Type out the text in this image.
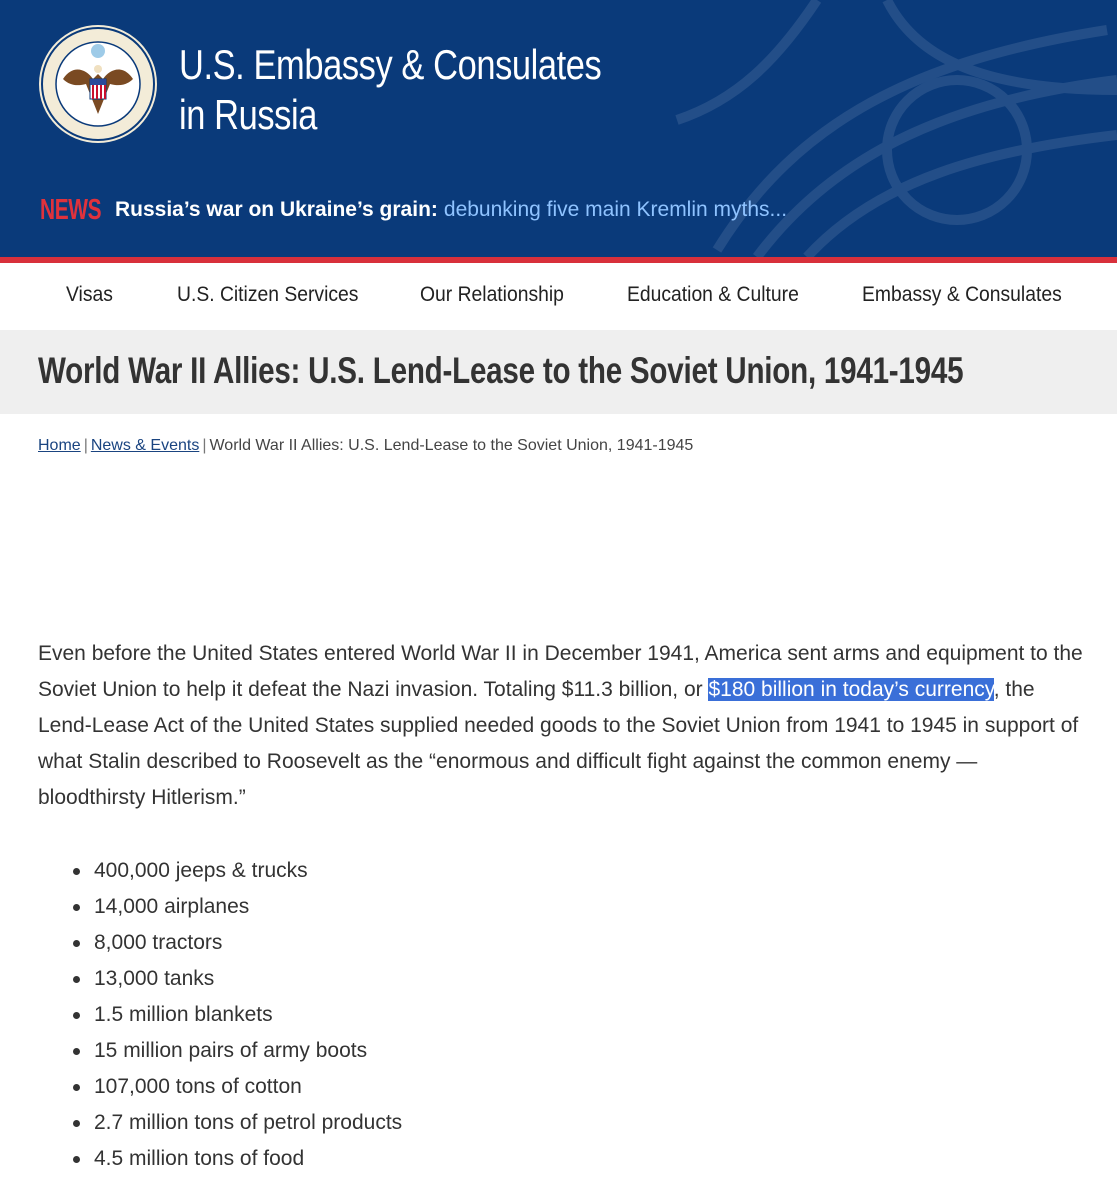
U.S. Embassy & Consulates
in Russia
NEWS Russia’s war on Ukraine’s grain: debunking five main Kremlin myths...
Visas	U.S. Citizen Services	Our Relationship	Education & Culture	Embassy & Consulates
World War II Allies: U.S. Lend-Lease to the Soviet Union, 1941-1945
Home | News & Events | World War II Allies: U.S. Lend-Lease to the Soviet Union, 1941-1945

Even before the United States entered World War II in December 1941, America sent arms and equipment to the Soviet Union to help it defeat the Nazi invasion. Totaling $11.3 billion, or $180 billion in today’s currency, the Lend-Lease Act of the United States supplied needed goods to the Soviet Union from 1941 to 1945 in support of what Stalin described to Roosevelt as the “enormous and difficult fight against the common enemy — bloodthirsty Hitlerism.”

400,000 jeeps & trucks
14,000 airplanes
8,000 tractors
13,000 tanks
1.5 million blankets
15 million pairs of army boots
107,000 tons of cotton
2.7 million tons of petrol products
4.5 million tons of food
